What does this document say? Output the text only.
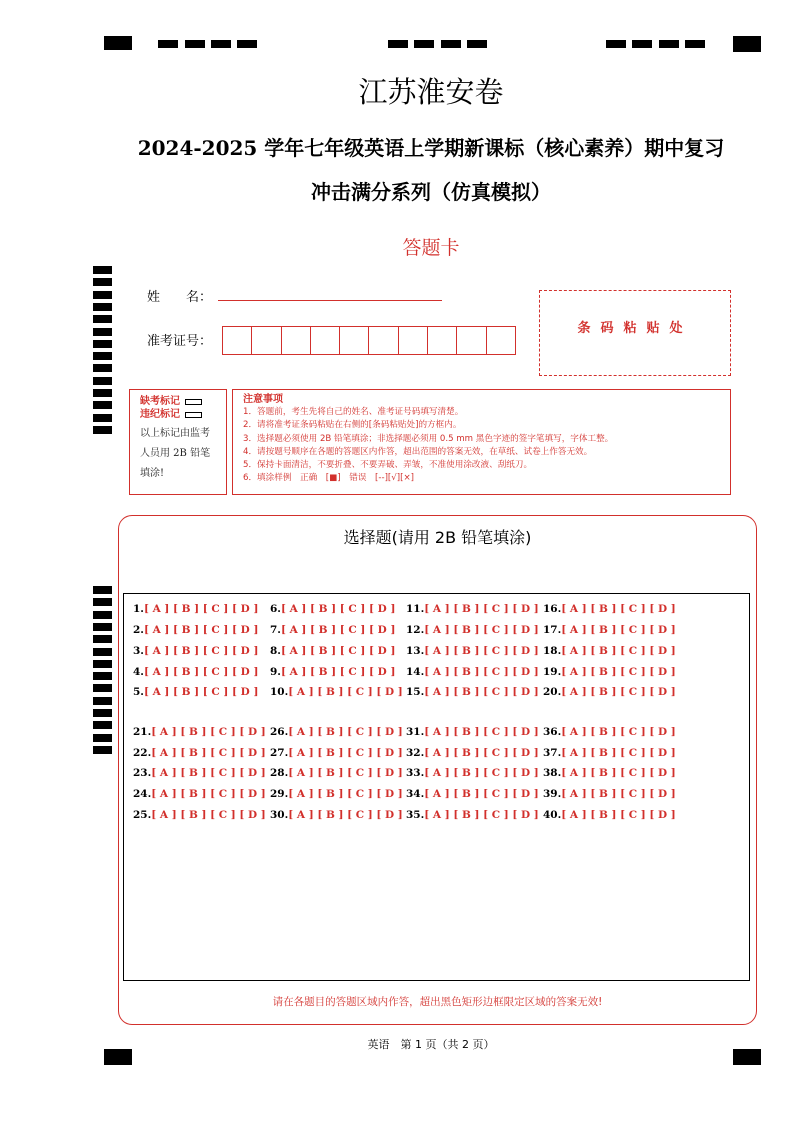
江苏淮安卷
2024-2025 学年七年级英语上学期新课标（核心素养）期中复习
冲击满分系列（仿真模拟）
答题卡
姓　　名：
准考证号：
条码粘贴处
缺考标记
违纪标记
以上标记由监考人员用 2B 铅笔填涂!
注意事项
1．答题前，考生先将自己的姓名、准考证号码填写清楚。
2．请将准考证条码粘贴在右侧的[条码粘贴处]的方框内。
3．选择题必须使用 2B 铅笔填涂；非选择题必须用 0.5 mm 黑色字迹的签字笔填写，字体工整。
4．请按题号顺序在各题的答题区内作答，超出范围的答案无效，在草纸、试卷上作答无效。
5．保持卡面清洁，不要折叠、不要弄破、弄皱，不准使用涂改液、刮纸刀。
6．填涂样例　正确　[■]　错误　[--][√][×]
选择题(请用 2B 铅笔填涂)
1.[ A ] [ B ] [ C ] [ D ]
2.[ A ] [ B ] [ C ] [ D ]
3.[ A ] [ B ] [ C ] [ D ]
4.[ A ] [ B ] [ C ] [ D ]
5.[ A ] [ B ] [ C ] [ D ]
6.[ A ] [ B ] [ C ] [ D ]
7.[ A ] [ B ] [ C ] [ D ]
8.[ A ] [ B ] [ C ] [ D ]
9.[ A ] [ B ] [ C ] [ D ]
10.[ A ] [ B ] [ C ] [ D ]
11.[ A ] [ B ] [ C ] [ D ]
12.[ A ] [ B ] [ C ] [ D ]
13.[ A ] [ B ] [ C ] [ D ]
14.[ A ] [ B ] [ C ] [ D ]
15.[ A ] [ B ] [ C ] [ D ]
16.[ A ] [ B ] [ C ] [ D ]
17.[ A ] [ B ] [ C ] [ D ]
18.[ A ] [ B ] [ C ] [ D ]
19.[ A ] [ B ] [ C ] [ D ]
20.[ A ] [ B ] [ C ] [ D ]
21.[ A ] [ B ] [ C ] [ D ]
22.[ A ] [ B ] [ C ] [ D ]
23.[ A ] [ B ] [ C ] [ D ]
24.[ A ] [ B ] [ C ] [ D ]
25.[ A ] [ B ] [ C ] [ D ]
26.[ A ] [ B ] [ C ] [ D ]
27.[ A ] [ B ] [ C ] [ D ]
28.[ A ] [ B ] [ C ] [ D ]
29.[ A ] [ B ] [ C ] [ D ]
30.[ A ] [ B ] [ C ] [ D ]
31.[ A ] [ B ] [ C ] [ D ]
32.[ A ] [ B ] [ C ] [ D ]
33.[ A ] [ B ] [ C ] [ D ]
34.[ A ] [ B ] [ C ] [ D ]
35.[ A ] [ B ] [ C ] [ D ]
36.[ A ] [ B ] [ C ] [ D ]
37.[ A ] [ B ] [ C ] [ D ]
38.[ A ] [ B ] [ C ] [ D ]
39.[ A ] [ B ] [ C ] [ D ]
40.[ A ] [ B ] [ C ] [ D ]
请在各题目的答题区域内作答，超出黑色矩形边框限定区域的答案无效!
英语　第 1 页（共 2 页）
